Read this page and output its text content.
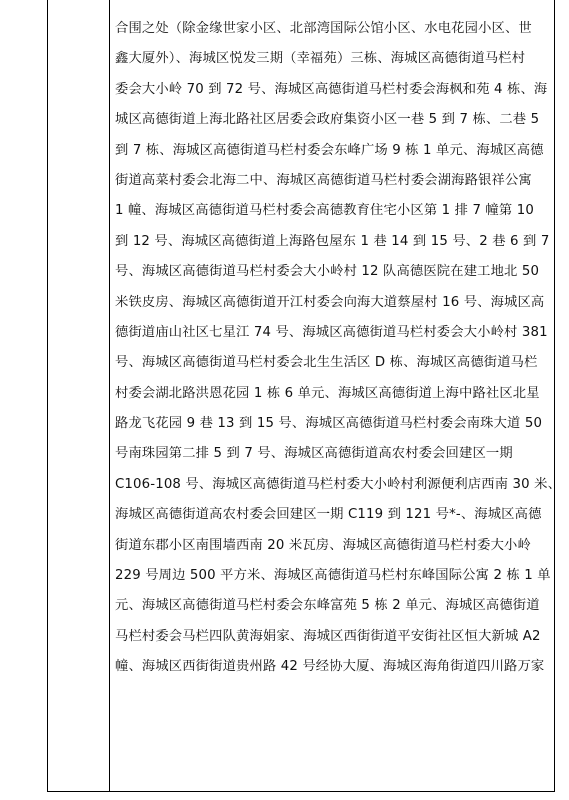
合围之处（除金缘世家小区、北部湾国际公馆小区、水电花园小区、世
鑫大厦外）、海城区悦发三期（幸福苑）三栋、海城区高德街道马栏村
委会大小岭 70 到 72 号、海城区高德街道马栏村委会海枫和苑 4 栋、海
城区高德街道上海北路社区居委会政府集资小区一巷 5 到 7 栋、二巷 5
到 7 栋、海城区高德街道马栏村委会东峰广场 9 栋 1 单元、海城区高德
街道高菜村委会北海二中、海城区高德街道马栏村委会湖海路银祥公寓
1 幢、海城区高德街道马栏村委会高德教育住宅小区第 1 排 7 幢第 10
到 12 号、海城区高德街道上海路包屋东 1 巷 14 到 15 号、2 巷 6 到 7
号、海城区高德街道马栏村委会大小岭村 12 队高德医院在建工地北 50
米铁皮房、海城区高德街道开江村委会向海大道蔡屋村 16 号、海城区高
德街道庙山社区七星江 74 号、海城区高德街道马栏村委会大小岭村 381
号、海城区高德街道马栏村委会北生生活区 D 栋、海城区高德街道马栏
村委会湖北路洪恩花园 1 栋 6 单元、海城区高德街道上海中路社区北星
路龙飞花园 9 巷 13 到 15 号、海城区高德街道马栏村委会南珠大道 50
号南珠园第二排 5 到 7 号、海城区高德街道高农村委会回建区一期
C106-108 号、海城区高德街道马栏村委大小岭村利源便利店西南 30 米、
海城区高德街道高农村委会回建区一期 C119 到 121 号*-、海城区高德
街道东郡小区南围墙西南 20 米瓦房、海城区高德街道马栏村委大小岭
229 号周边 500 平方米、海城区高德街道马栏村东峰国际公寓 2 栋 1 单
元、海城区高德街道马栏村委会东峰富苑 5 栋 2 单元、海城区高德街道
马栏村委会马栏四队黄海娟家、海城区西街街道平安街社区恒大新城 A2
幢、海城区西街街道贵州路 42 号经协大厦、海城区海角街道四川路万家
